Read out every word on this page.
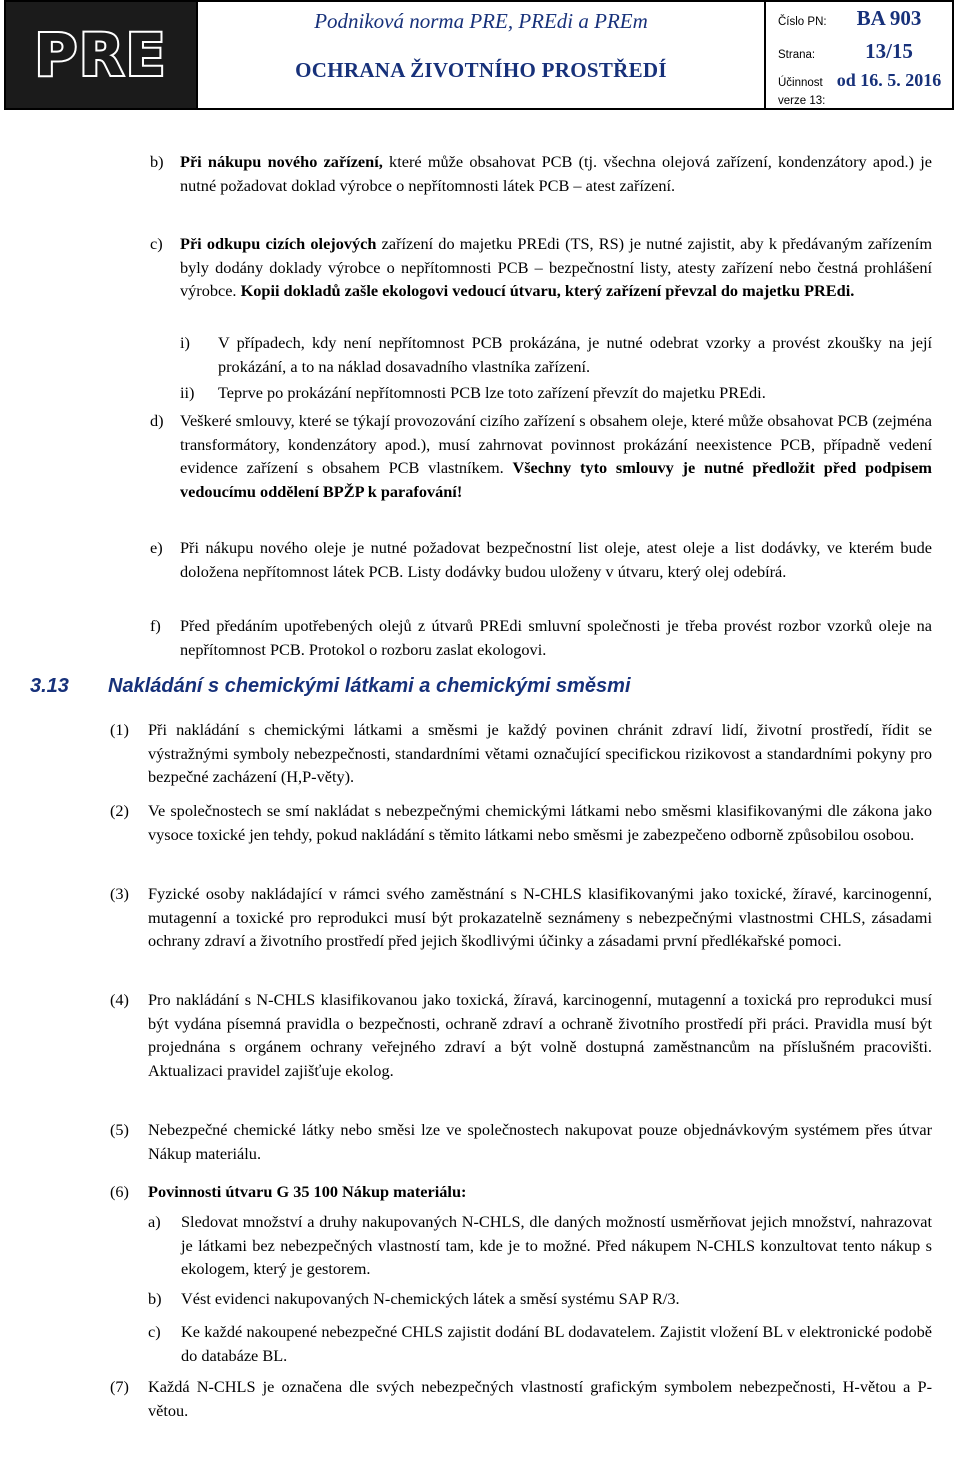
PRE
Podniková norma PRE, PREdi a PREm
OCHRANA ŽIVOTNÍHO PROSTŘEDÍ
Číslo PN:	BA 903
Strana:	13/15
Účinnost od 16. 5. 2016
verze 13:
b) Při nákupu nového zařízení, které může obsahovat PCB (tj. všechna olejová zařízení, kondenzátory apod.) je nutné požadovat doklad výrobce o nepřítomnosti látek PCB – atest zařízení.
c) Při odkupu cizích olejových zařízení do majetku PREdi (TS, RS) je nutné zajistit, aby k předávaným zařízením byly dodány doklady výrobce o nepřítomnosti PCB – bezpečnostní listy, atesty zařízení nebo čestná prohlášení výrobce. Kopii dokladů zašle ekologovi vedoucí útvaru, který zařízení převzal do majetku PREdi.
i) V případech, kdy není nepřítomnost PCB prokázána, je nutné odebrat vzorky a provést zkoušky na její prokázání, a to na náklad dosavadního vlastníka zařízení.
ii) Teprve po prokázání nepřítomnosti PCB lze toto zařízení převzít do majetku PREdi.
d) Veškeré smlouvy, které se týkají provozování cizího zařízení s obsahem oleje, které může obsahovat PCB (zejména transformátory, kondenzátory apod.), musí zahrnovat povinnost prokázání neexistence PCB, případně vedení evidence zařízení s obsahem PCB vlastníkem. Všechny tyto smlouvy je nutné předložit před podpisem vedoucímu oddělení BPŽP k parafování!
e) Při nákupu nového oleje je nutné požadovat bezpečnostní list oleje, atest oleje a list dodávky, ve kterém bude doložena nepřítomnost látek PCB. Listy dodávky budou uloženy v útvaru, který olej odebírá.
f) Před předáním upotřebených olejů z útvarů PREdi smluvní společnosti je třeba provést rozbor vzorků oleje na nepřítomnost PCB. Protokol o rozboru zaslat ekologovi.
3.13 Nakládání s chemickými látkami a chemickými směsmi
(1) Při nakládání s chemickými látkami a směsmi je každý povinen chránit zdraví lidí, životní prostředí, řídit se výstražnými symboly nebezpečnosti, standardními větami označující specifickou rizikovost a standardními pokyny pro bezpečné zacházení (H,P-věty).
(2) Ve společnostech se smí nakládat s nebezpečnými chemickými látkami nebo směsmi klasifikovanými dle zákona jako vysoce toxické jen tehdy, pokud nakládání s těmito látkami nebo směsmi je zabezpečeno odborně způsobilou osobou.
(3) Fyzické osoby nakládající v rámci svého zaměstnání s N-CHLS klasifikovanými jako toxické, žíravé, karcinogenní, mutagenní a toxické pro reprodukci musí být prokazatelně seznámeny s nebezpečnými vlastnostmi CHLS, zásadami ochrany zdraví a životního prostředí před jejich škodlivými účinky a zásadami první předlékařské pomoci.
(4) Pro nakládání s N-CHLS klasifikovanou jako toxická, žíravá, karcinogenní, mutagenní a toxická pro reprodukci musí být vydána písemná pravidla o bezpečnosti, ochraně zdraví a ochraně životního prostředí při práci. Pravidla musí být projednána s orgánem ochrany veřejného zdraví a být volně dostupná zaměstnancům na příslušném pracovišti. Aktualizaci pravidel zajišťuje ekolog.
(5) Nebezpečné chemické látky nebo směsi lze ve společnostech nakupovat pouze objednávkovým systémem přes útvar Nákup materiálu.
(6) Povinnosti útvaru G 35 100 Nákup materiálu:
a) Sledovat množství a druhy nakupovaných N-CHLS, dle daných možností usměrňovat jejich množství, nahrazovat je látkami bez nebezpečných vlastností tam, kde je to možné. Před nákupem N-CHLS konzultovat tento nákup s ekologem, který je gestorem.
b) Vést evidenci nakupovaných N-chemických látek a směsí systému SAP R/3.
c) Ke každé nakoupené nebezpečné CHLS zajistit dodání BL dodavatelem. Zajistit vložení BL v elektronické podobě do databáze BL.
(7) Každá N-CHLS je označena dle svých nebezpečných vlastností grafickým symbolem nebezpečnosti, H-větou a P-větou.
